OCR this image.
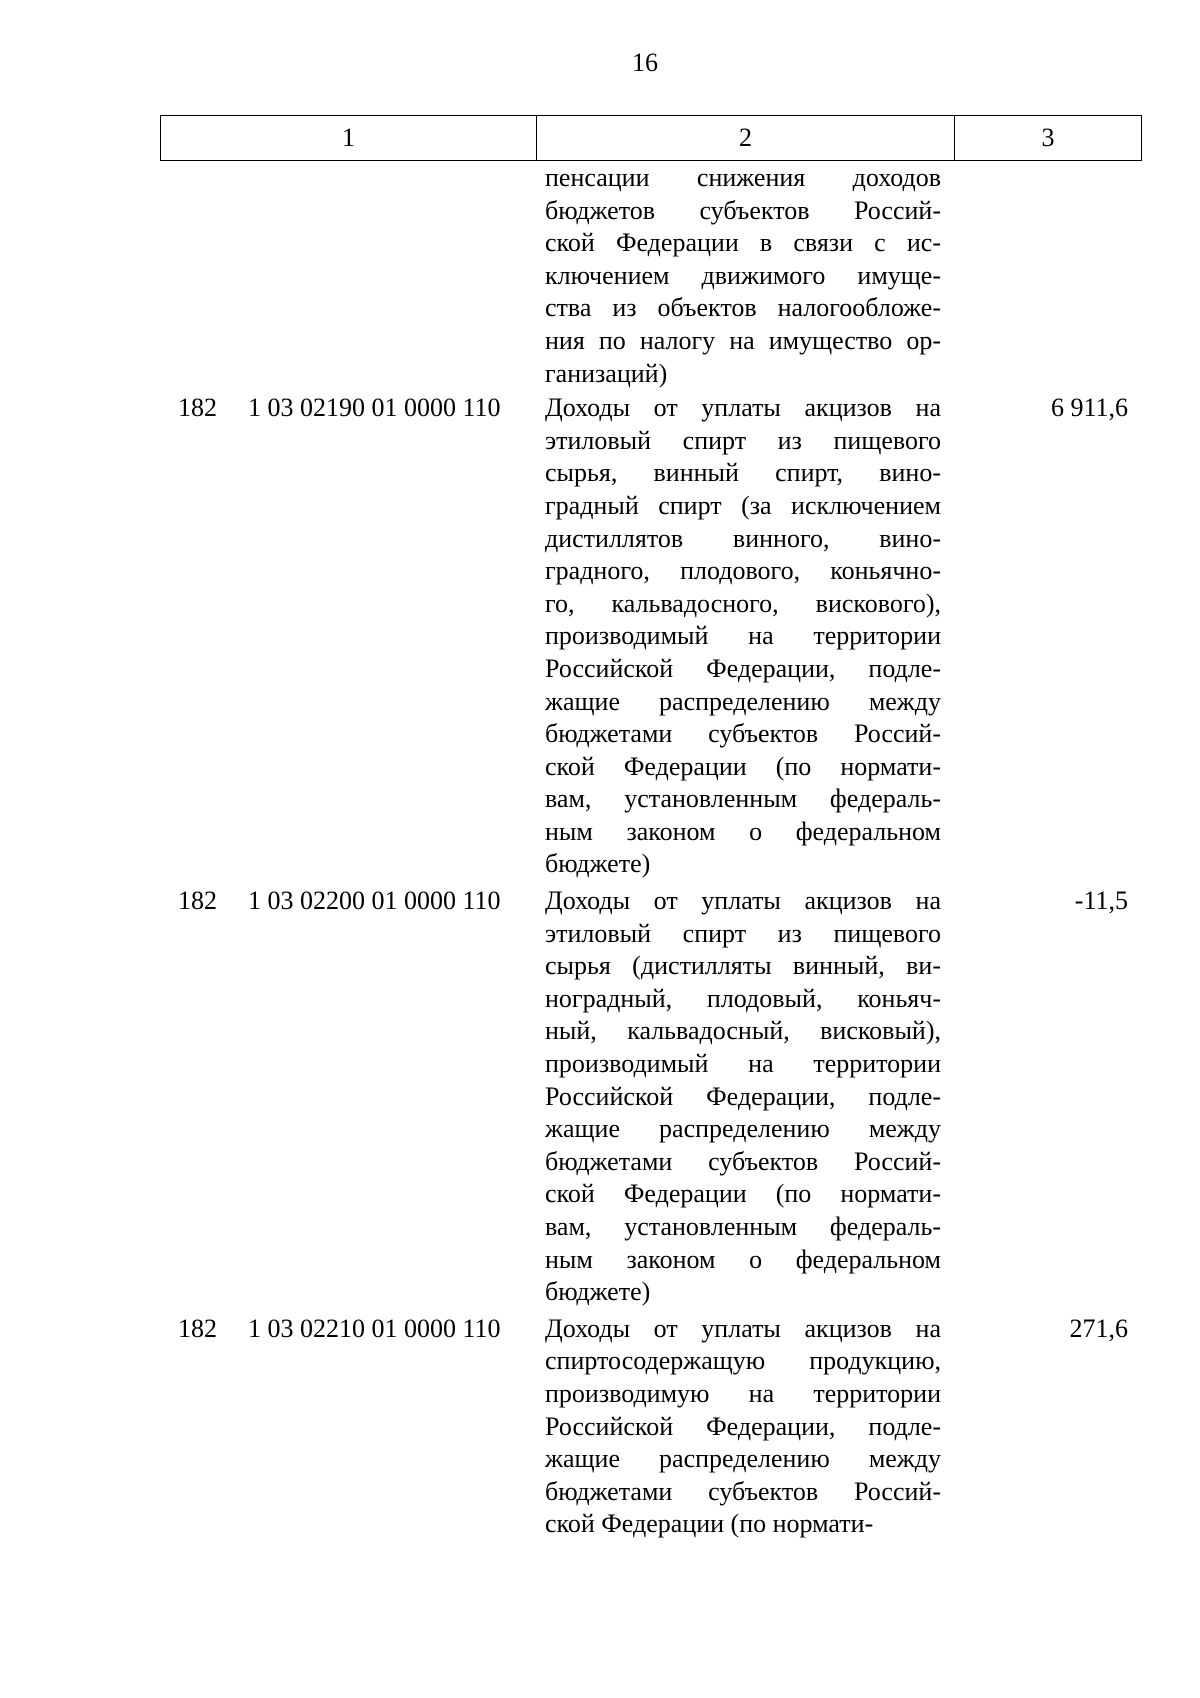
16
1	2	3
пенсации снижения доходов
бюджетов субъектов Россий-
ской Федерации в связи с ис-
ключением движимого имуще-
ства из объектов налогообложе-
ния по налогу на имущество ор-
ганизаций)
182	1 03 02190 01 0000 110	Доходы от уплаты акцизов на
этиловый спирт из пищевого
сырья, винный спирт, вино-
градный спирт (за исключением
дистиллятов винного, вино-
градного, плодового, коньячно-
го, кальвадосного, вискового),
производимый на территории
Российской Федерации, подле-
жащие распределению между
бюджетами субъектов Россий-
ской Федерации (по нормати-
вам, установленным федераль-
ным законом о федеральном
бюджете)
6 911,6
182	1 03 02200 01 0000 110	Доходы от уплаты акцизов на
этиловый спирт из пищевого
сырья (дистилляты винный, ви-
ноградный, плодовый, коньяч-
ный, кальвадосный, висковый),
производимый на территории
Российской Федерации, подле-
жащие распределению между
бюджетами субъектов Россий-
ской Федерации (по нормати-
вам, установленным федераль-
ным законом о федеральном
бюджете)
-11,5
182	1 03 02210 01 0000 110	Доходы от уплаты акцизов на
спиртосодержащую продукцию,
производимую на территории
Российской Федерации, подле-
жащие распределению между
бюджетами субъектов Россий-
ской Федерации (по нормати-
271,6
